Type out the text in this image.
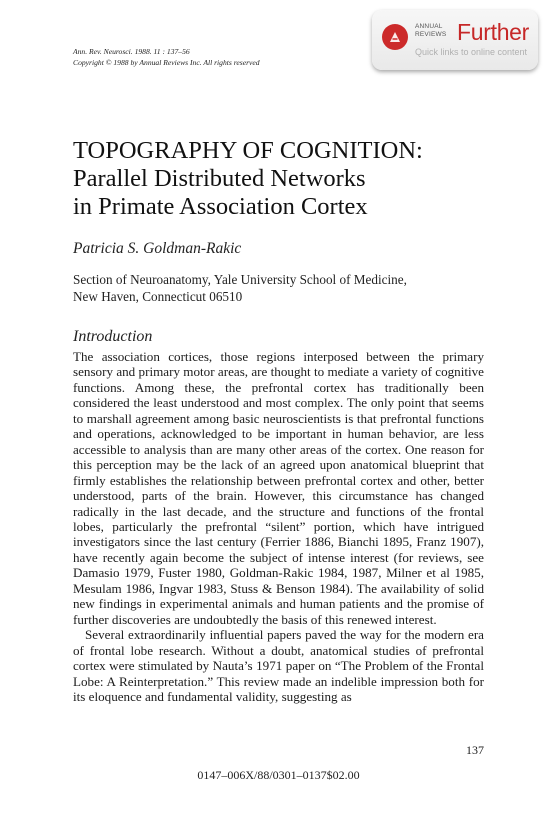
Ann. Rev. Neurosci. 1988. 11 : 137–56
Copyright © 1988 by Annual Reviews Inc. All rights reserved
ANNUAL
REVIEWS Further
Quick links to online content
TOPOGRAPHY OF COGNITION:
Parallel Distributed Networks
in Primate Association Cortex
Patricia S. Goldman-Rakic
Section of Neuroanatomy, Yale University School of Medicine,
New Haven, Connecticut 06510
Introduction

The association cortices, those regions interposed between the primary sensory and primary motor areas, are thought to mediate a variety of cognitive functions. Among these, the prefrontal cortex has traditionally been considered the least understood and most complex. The only point that seems to marshall agreement among basic neuroscientists is that prefrontal functions and operations, acknowledged to be important in human behavior, are less accessible to analysis than are many other areas of the cortex. One reason for this perception may be the lack of an agreed upon anatomical blueprint that firmly establishes the relationship between prefrontal cortex and other, better understood, parts of the brain. However, this circumstance has changed radically in the last decade, and the structure and functions of the frontal lobes, particularly the prefrontal “silent” portion, which have intrigued investigators since the last century (Ferrier 1886, Bianchi 1895, Franz 1907), have recently again become the subject of intense interest (for reviews, see Damasio 1979, Fuster 1980, Goldman-Rakic 1984, 1987, Milner et al 1985, Mesulam 1986, Ingvar 1983, Stuss & Benson 1984). The availability of solid new findings in experimental animals and human patients and the promise of further discoveries are undoubtedly the basis of this renewed interest.

Several extraordinarily influential papers paved the way for the modern era of frontal lobe research. Without a doubt, anatomical studies of prefrontal cortex were stimulated by Nauta’s 1971 paper on “The Problem of the Frontal Lobe: A Reinterpretation.” This review made an indelible impression both for its eloquence and fundamental validity, suggesting as

137
0147–006X/88/0301–0137$02.00
